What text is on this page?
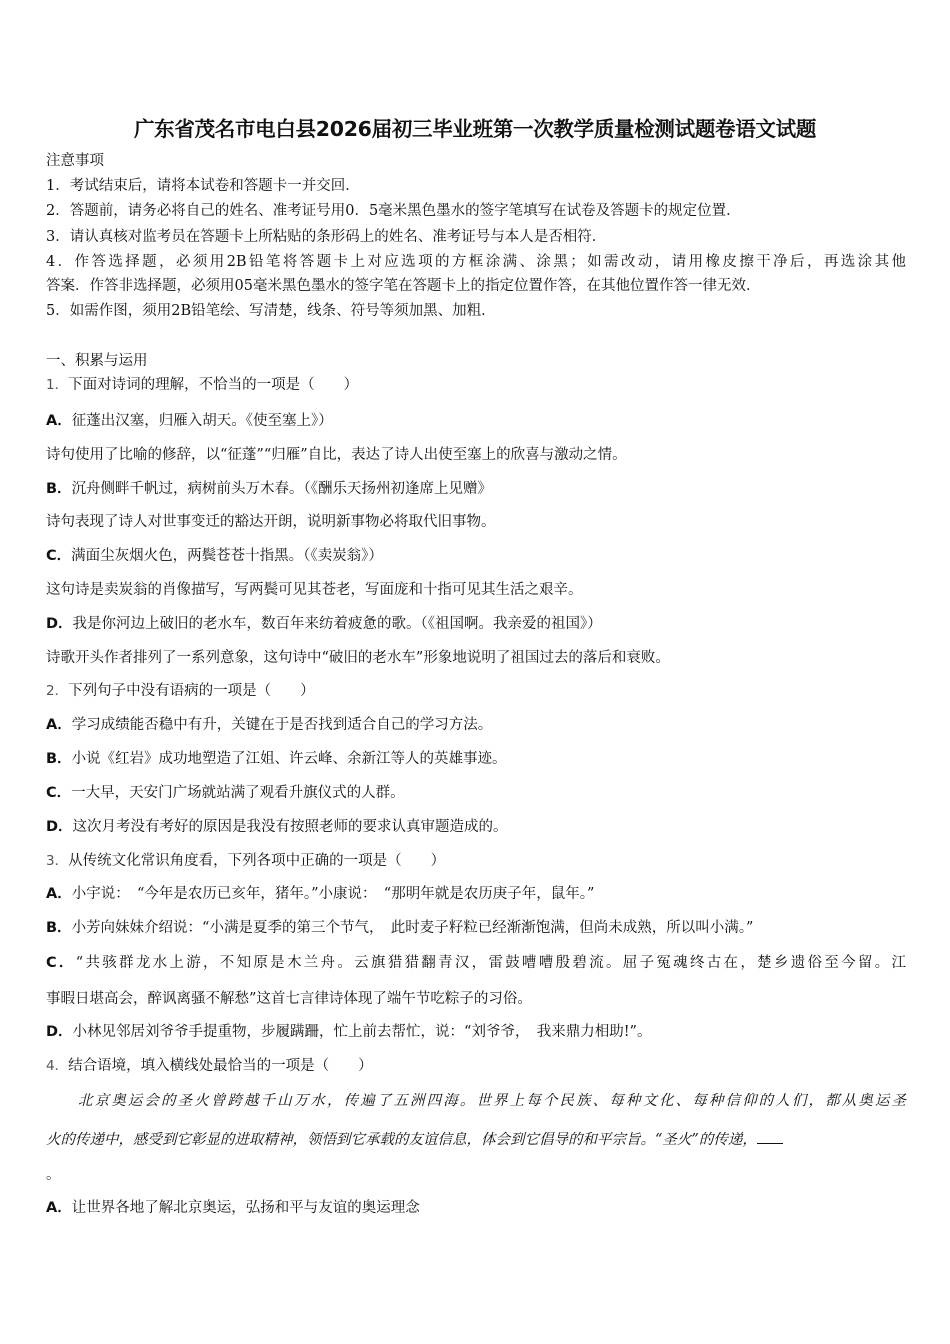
广东省茂名市电白县2026届初三毕业班第一次教学质量检测试题卷语文试题
注意事项
1．考试结束后，请将本试卷和答题卡一并交回．
2．答题前，请务必将自己的姓名、准考证号用0．5毫米黑色墨水的签字笔填写在试卷及答题卡的规定位置．
3．请认真核对监考员在答题卡上所粘贴的条形码上的姓名、准考证号与本人是否相符．
4．作答选择题，必须用2B铅笔将答题卡上对应选项的方框涂满、涂黑；如需改动，请用橡皮擦干净后，再选涂其他
答案．作答非选择题，必须用05毫米黑色墨水的签字笔在答题卡上的指定位置作答，在其他位置作答一律无效．
5．如需作图，须用2B铅笔绘、写清楚，线条、符号等须加黑、加粗．
一、积累与运用
1．下面对诗词的理解，不恰当的一项是（　　）
A．征蓬出汉塞，归雁入胡天。《使至塞上》）
诗句使用了比喻的修辞，以“征蓬”“归雁”自比，表达了诗人出使至塞上的欣喜与激动之情。
B．沉舟侧畔千帆过，病树前头万木春。（《酬乐天扬州初逢席上见赠》
诗句表现了诗人对世事变迁的豁达开朗，说明新事物必将取代旧事物。
C．满面尘灰烟火色，两鬓苍苍十指黑。（《卖炭翁》）
这句诗是卖炭翁的肖像描写，写两鬓可见其苍老，写面庞和十指可见其生活之艰辛。
D．我是你河边上破旧的老水车，数百年来纺着疲惫的歌。（《祖国啊。我亲爱的祖国》）
诗歌开头作者排列了一系列意象，这句诗中“破旧的老水车”形象地说明了祖国过去的落后和衰败。
2．下列句子中没有语病的一项是（　　）
A．学习成绩能否稳中有升，关键在于是否找到适合自己的学习方法。
B．小说《红岩》成功地塑造了江姐、许云峰、余新江等人的英雄事迹。
C．一大早，天安门广场就站满了观看升旗仪式的人群。
D．这次月考没有考好的原因是我没有按照老师的要求认真审题造成的。
3．从传统文化常识角度看，下列各项中正确的一项是（　　）
A．小宇说：　“今年是农历已亥年，猪年。”小康说：　“那明年就是农历庚子年，鼠年。”
B．小芳向妹妹介绍说：“小满是夏季的第三个节气，　此时麦子籽粒已经渐渐饱满，但尚未成熟，所以叫小满。”
C．“共骇群龙水上游，不知原是木兰舟。云旗猎猎翻青汉，雷鼓嘈嘈殷碧流。屈子冤魂终古在，楚乡遗俗至今留。江
事暇日堪高会，醉讽离骚不解愁”这首七言律诗体现了端午节吃粽子的习俗。
D．小林见邻居刘爷爷手提重物，步履蹒跚，忙上前去帮忙，说：“刘爷爷，　我来鼎力相助!”。
4．结合语境，填入横线处最恰当的一项是（　　）
北京奥运会的圣火曾跨越千山万水，传遍了五洲四海。世界上每个民族、每种文化、每种信仰的人们，都从奥运圣
火的传递中，感受到它彰显的进取精神，领悟到它承载的友谊信息，体会到它倡导的和平宗旨。“圣火”的传递，
。
A．让世界各地了解北京奥运，弘扬和平与友谊的奥运理念
